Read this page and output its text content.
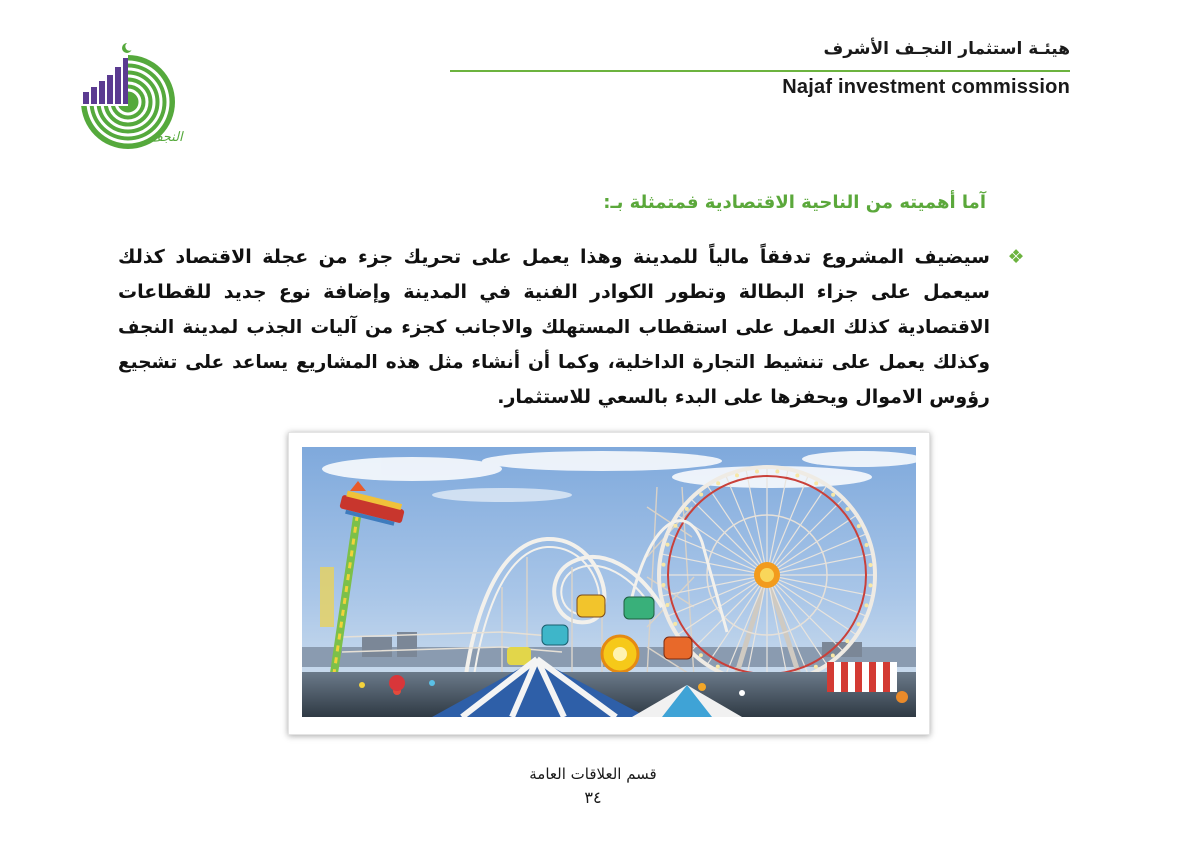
النجف
هيئـة استثمار النجـف الأشرف
Najaf investment commission
آما أهميته من الناحية الاقتصادية فمتمثلة بـ:
❖
سيضيف المشروع تدفقاً مالياً للمدينة وهذا يعمل على تحريك جزء من عجلة الاقتصاد كذلك
سيعمل على جزاء البطالة وتطور الكوادر الفنية في المدينة وإضافة نوع جديد للقطاعات
الاقتصادية كذلك العمل على استقطاب المستهلك والاجانب كجزء من آليات الجذب لمدينة النجف
وكذلك يعمل على تنشيط التجارة الداخلية، وكما أن أنشاء مثل هذه المشاريع يساعد على تشجيع
رؤوس الاموال ويحفزها على البدء بالسعي للاستثمار.
قسم العلاقات العامة
٣٤
